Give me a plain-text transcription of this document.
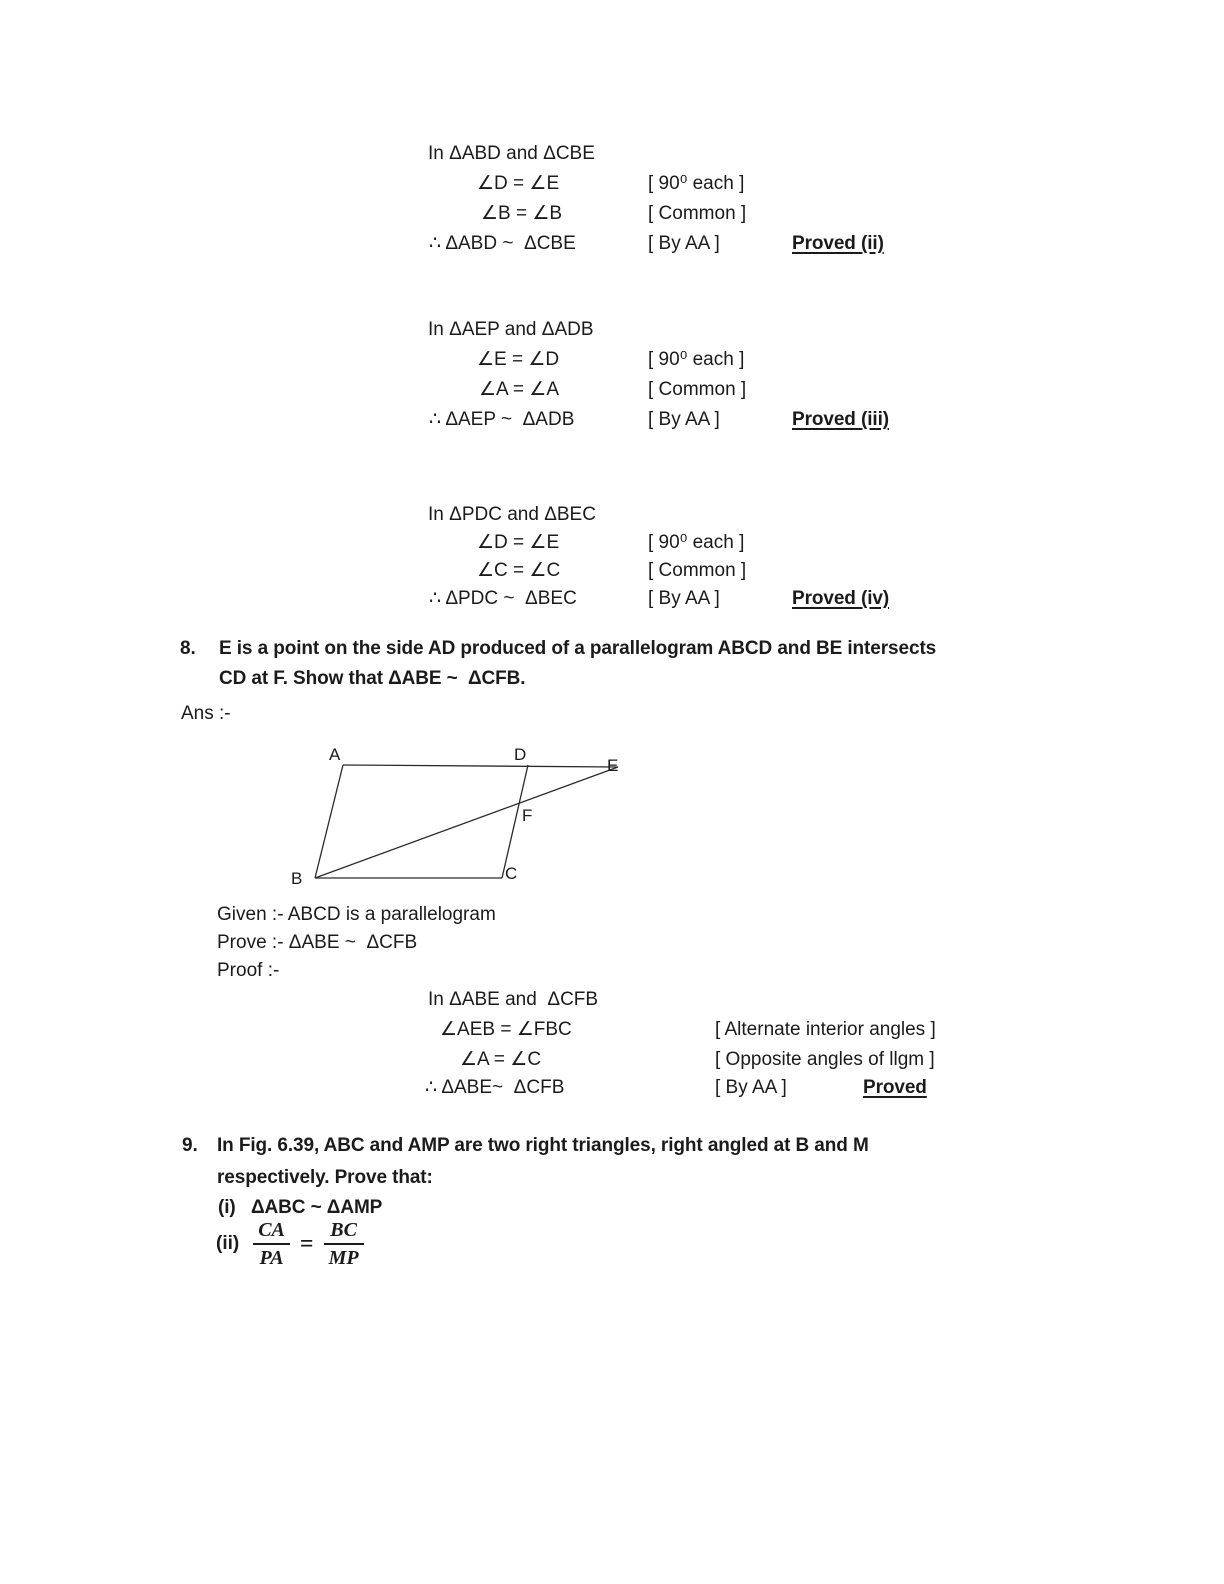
In ΔABD and ΔCBE
∠D = ∠E	[ 90⁰ each ]
∠B = ∠B	[ Common ]
∴ ΔABD ~  ΔCBE	[ By AA ]	Proved (ii)
In ΔAEP and ΔADB
∠E = ∠D	[ 90⁰ each ]
∠A = ∠A	[ Common ]
∴ ΔAEP ~  ΔADB	[ By AA ]	Proved (iii)
In ΔPDC and ΔBEC
∠D = ∠E	[ 90⁰ each ]
∠C = ∠C	[ Common ]
∴ ΔPDC ~  ΔBEC	[ By AA ]	Proved (iv)
8. E is a point on the side AD produced of a parallelogram ABCD and BE intersects
CD at F. Show that ΔABE ~  ΔCFB.
Ans :-
A	D
E
F
B	C
Given :- ABCD is a parallelogram
Prove :- ΔABE ~  ΔCFB
Proof :-
In ΔABE and  ΔCFB
∠AEB = ∠FBC	[ Alternate interior angles ]
∠A = ∠C	[ Opposite angles of llgm ]
∴ ΔABE~  ΔCFB	[ By AA ]	Proved
9. In Fig. 6.39, ABC and AMP are two right triangles, right angled at B and M
respectively. Prove that:
(i) ΔABC ~ ΔAMP
$(ii) \frac{CA}{PA} = \frac{BC}{MP}$
